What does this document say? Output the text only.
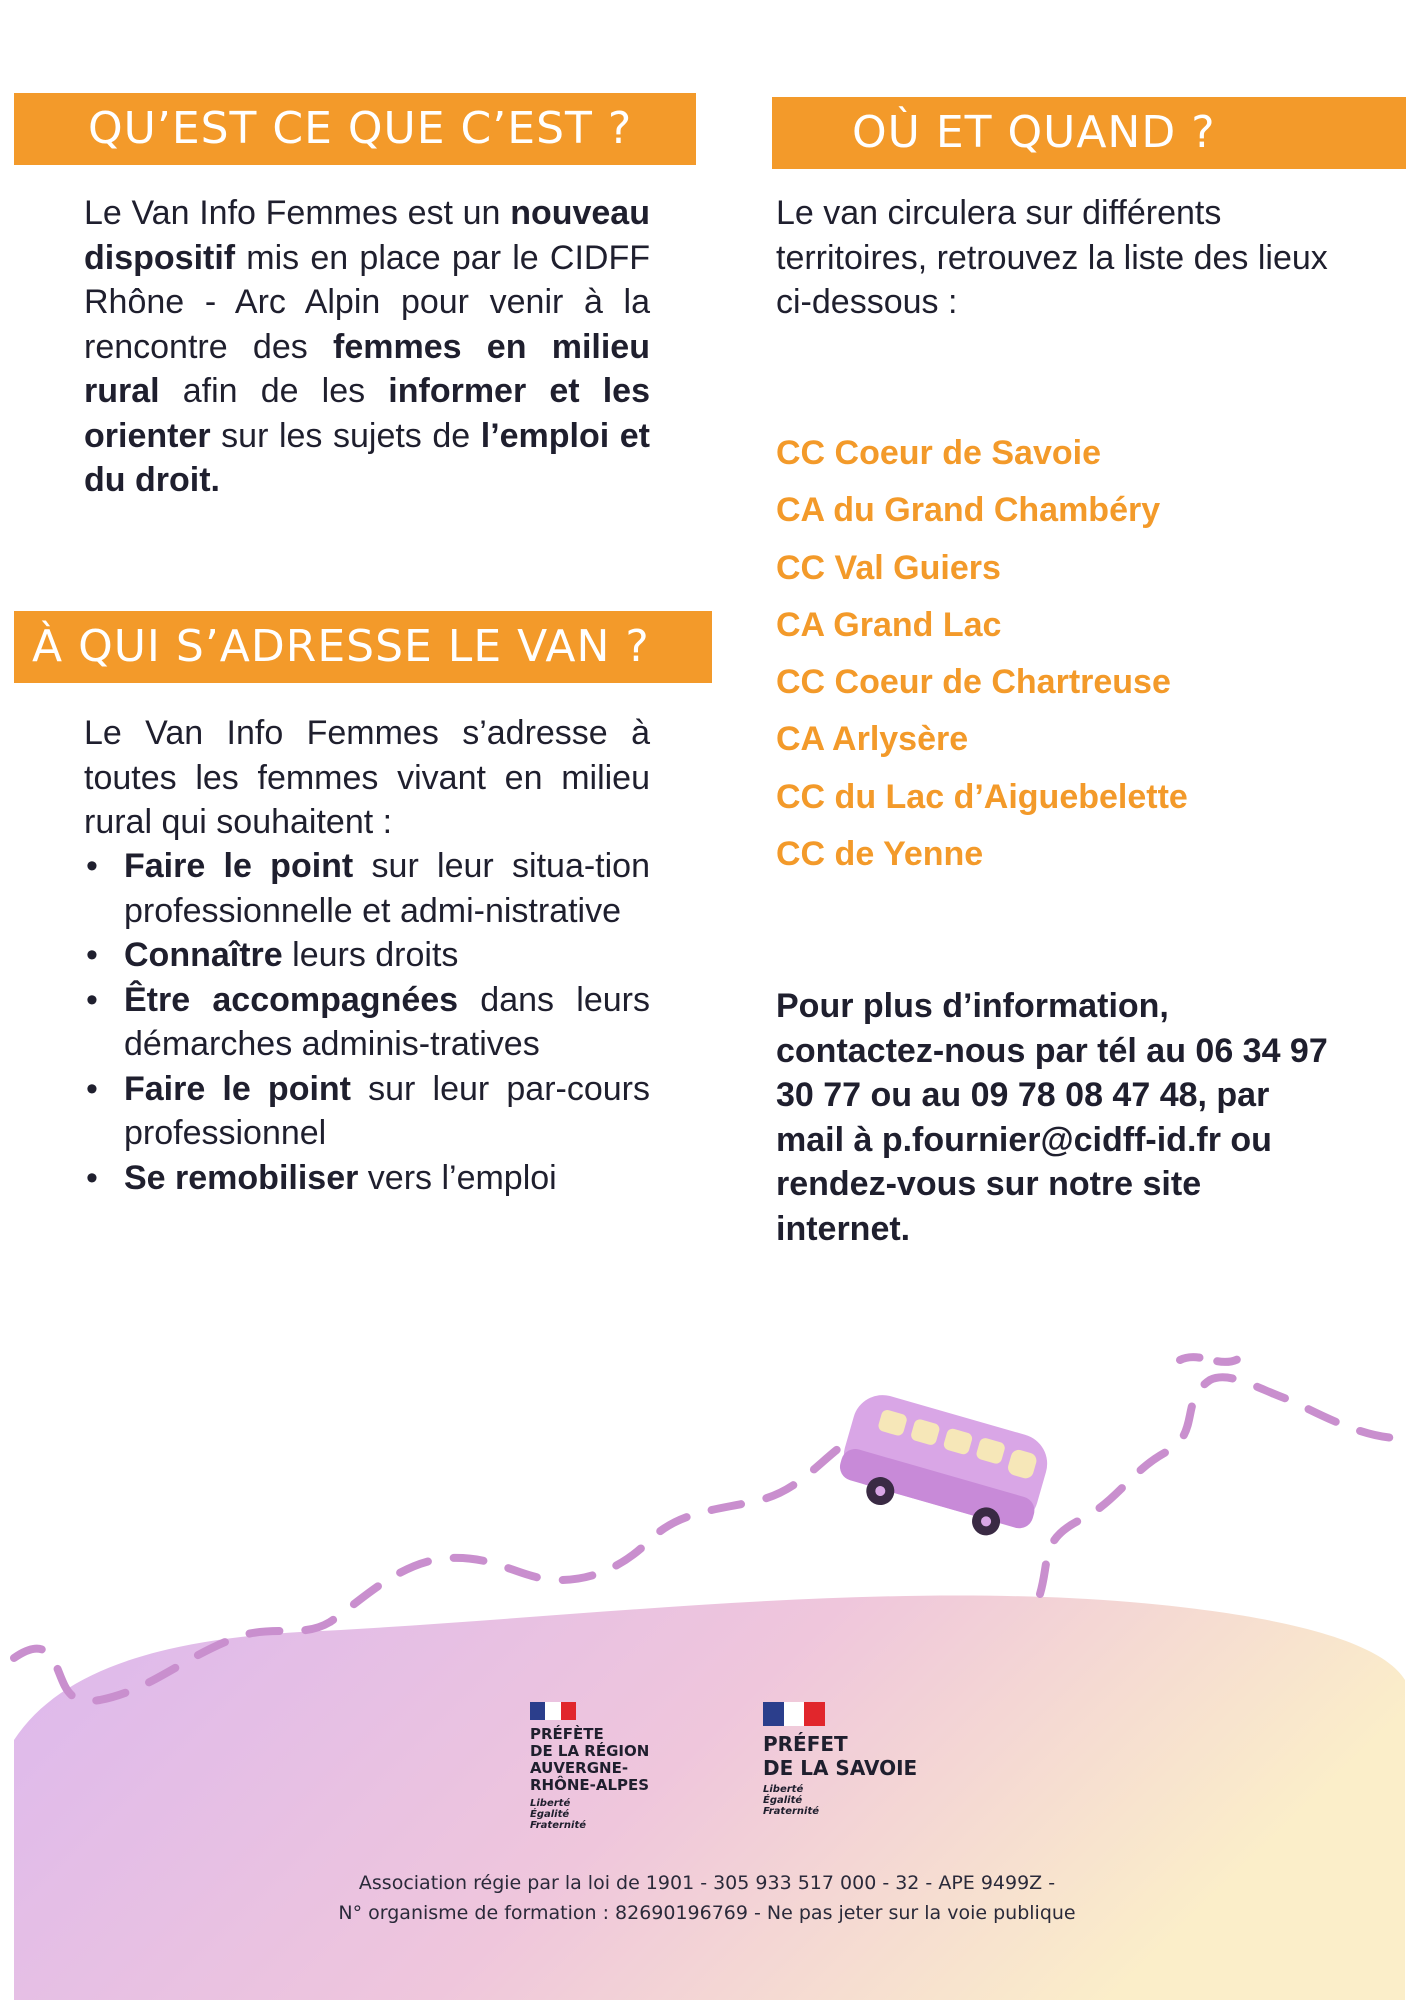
QU’EST CE QUE C’EST ?

Le Van Info Femmes est un nouveau dispositif mis en place par le CIDFF Rhône - Arc Alpin pour venir à la rencontre des femmes en milieu rural afin de les informer et les orienter sur les sujets de l’emploi et du droit.

À QUI S’ADRESSE LE VAN ?

Le Van Info Femmes s’adresse à toutes les femmes vivant en milieu rural qui souhaitent :

• Faire le point sur leur situa-tion professionnelle et admi-nistrative
• Connaître leurs droits
• Être accompagnées dans leurs démarches adminis-tratives
• Faire le point sur leur par-cours professionnel
• Se remobiliser vers l’emploi
OÙ ET QUAND ?

Le van circulera sur différents territoires, retrouvez la liste des lieux ci-dessous :

CC Coeur de Savoie
CA du Grand Chambéry
CC Val Guiers
CA Grand Lac
CC Coeur de Chartreuse
CA Arlysère
CC du Lac d’Aiguebelette
CC de Yenne

Pour plus d’information, contactez-nous par tél au 06 34 97 30 77 ou au 09 78 08 47 48, par mail à p.fournier@cidff-id.fr ou rendez-vous sur notre site internet.

PRÉFÈTE
DE LA RÉGION
AUVERGNE-
RHÔNE-ALPES
Liberté
Égalité
Fraternité
PRÉFET
DE LA SAVOIE
Liberté
Égalité
Fraternité
Association régie par la loi de 1901 - 305 933 517 000 - 32 - APE 9499Z -
N° organisme de formation : 82690196769 - Ne pas jeter sur la voie publique
